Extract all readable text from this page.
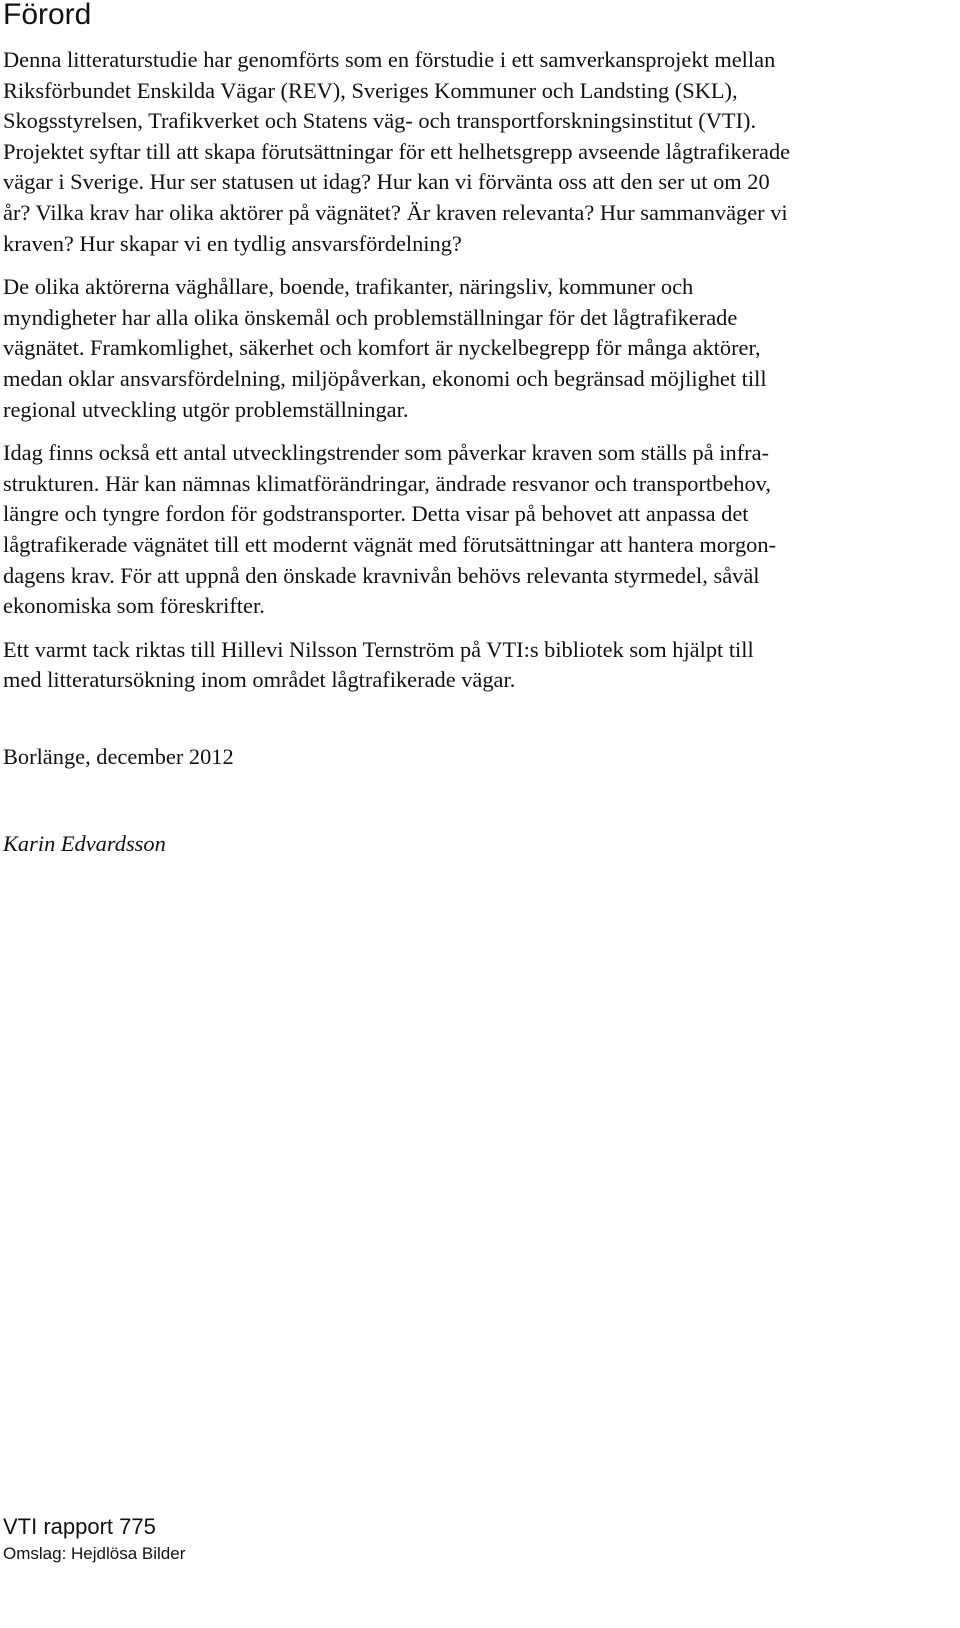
Förord

Denna litteraturstudie har genomförts som en förstudie i ett samverkansprojekt mellan
Riksförbundet Enskilda Vägar (REV), Sveriges Kommuner och Landsting (SKL),
Skogsstyrelsen, Trafikverket och Statens väg- och transportforskningsinstitut (VTI).
Projektet syftar till att skapa förutsättningar för ett helhetsgrepp avseende lågtrafikerade
vägar i Sverige. Hur ser statusen ut idag? Hur kan vi förvänta oss att den ser ut om 20
år? Vilka krav har olika aktörer på vägnätet? Är kraven relevanta? Hur sammanväger vi
kraven? Hur skapar vi en tydlig ansvarsfördelning?

De olika aktörerna väghållare, boende, trafikanter, näringsliv, kommuner och
myndigheter har alla olika önskemål och problemställningar för det lågtrafikerade
vägnätet. Framkomlighet, säkerhet och komfort är nyckelbegrepp för många aktörer,
medan oklar ansvarsfördelning, miljöpåverkan, ekonomi och begränsad möjlighet till
regional utveckling utgör problemställningar.

Idag finns också ett antal utvecklingstrender som påverkar kraven som ställs på infra-
strukturen. Här kan nämnas klimatförändringar, ändrade resvanor och transportbehov,
längre och tyngre fordon för godstransporter. Detta visar på behovet att anpassa det
lågtrafikerade vägnätet till ett modernt vägnät med förutsättningar att hantera morgon-
dagens krav. För att uppnå den önskade kravnivån behövs relevanta styrmedel, såväl
ekonomiska som föreskrifter.

Ett varmt tack riktas till Hillevi Nilsson Ternström på VTI:s bibliotek som hjälpt till
med litteratursökning inom området lågtrafikerade vägar.

Borlänge, december 2012

Karin Edvardsson

VTI rapport 775

Omslag: Hejdlösa Bilder
